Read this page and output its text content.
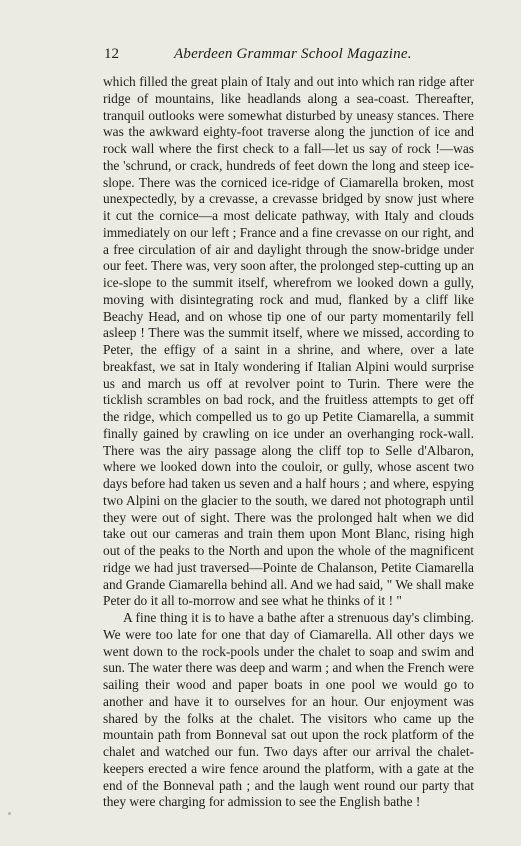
12	Aberdeen Grammar School Magazine.

which filled the great plain of Italy and out into which ran ridge after ridge of mountains, like headlands along a sea-coast. Thereafter, tranquil outlooks were somewhat disturbed by uneasy stances. There was the awkward eighty-foot traverse along the junction of ice and rock wall where the first check to a fall—let us say of rock !—was the 'schrund, or crack, hundreds of feet down the long and steep ice-slope. There was the corniced ice-ridge of Ciamarella broken, most unexpectedly, by a crevasse, a crevasse bridged by snow just where it cut the cornice—a most delicate pathway, with Italy and clouds immediately on our left ; France and a fine crevasse on our right, and a free circulation of air and daylight through the snow-bridge under our feet. There was, very soon after, the prolonged step-cutting up an ice-slope to the summit itself, wherefrom we looked down a gully, moving with disintegrating rock and mud, flanked by a cliff like Beachy Head, and on whose tip one of our party momentarily fell asleep ! There was the summit itself, where we missed, according to Peter, the effigy of a saint in a shrine, and where, over a late breakfast, we sat in Italy wondering if Italian Alpini would surprise us and march us off at revolver point to Turin. There were the ticklish scrambles on bad rock, and the fruitless attempts to get off the ridge, which compelled us to go up Petite Ciamarella, a summit finally gained by crawling on ice under an overhanging rock-wall. There was the airy passage along the cliff top to Selle d'Albaron, where we looked down into the couloir, or gully, whose ascent two days before had taken us seven and a half hours ; and where, espying two Alpini on the glacier to the south, we dared not photograph until they were out of sight. There was the prolonged halt when we did take out our cameras and train them upon Mont Blanc, rising high out of the peaks to the North and upon the whole of the magnificent ridge we had just traversed—Pointe de Chalanson, Petite Ciamarella and Grande Ciamarella behind all. And we had said, " We shall make Peter do it all to-morrow and see what he thinks of it ! "

A fine thing it is to have a bathe after a strenuous day's climbing. We were too late for one that day of Ciamarella. All other days we went down to the rock-pools under the chalet to soap and swim and sun. The water there was deep and warm ; and when the French were sailing their wood and paper boats in one pool we would go to another and have it to ourselves for an hour. Our enjoyment was shared by the folks at the chalet. The visitors who came up the mountain path from Bonneval sat out upon the rock platform of the chalet and watched our fun. Two days after our arrival the chalet-keepers erected a wire fence around the platform, with a gate at the end of the Bonneval path ; and the laugh went round our party that they were charging for admission to see the English bathe !
